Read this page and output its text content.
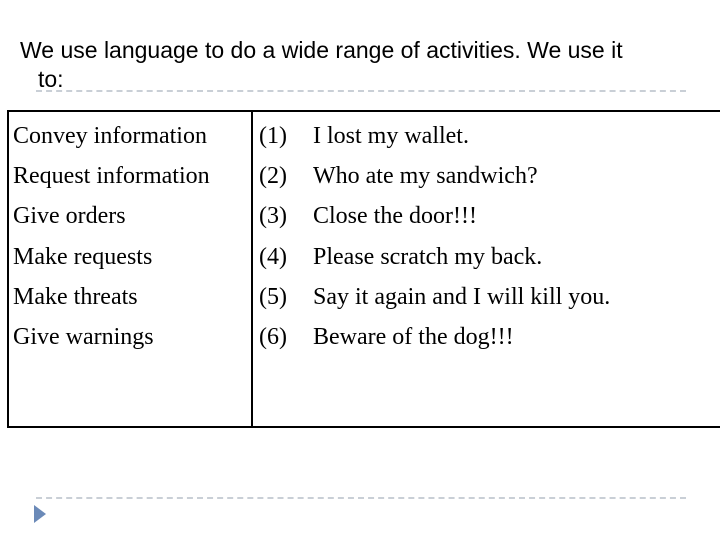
We use language to do a wide range of activities. We use it
to:

Convey information
Request information
Give orders
Make requests
Make threats
Give warnings
(1)
(2)
(3)
(4)
(5)
(6)
I lost my wallet.
Who ate my sandwich?
Close the door!!!
Please scratch my back.
Say it again and I will kill you.
Beware of the dog!!!
